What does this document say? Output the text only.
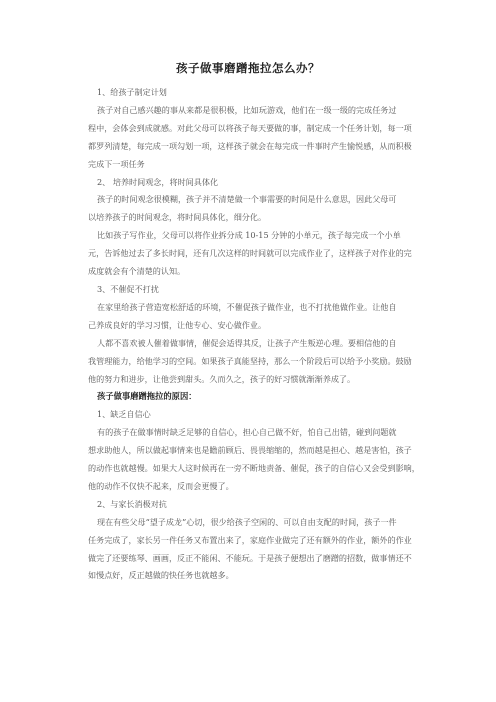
孩子做事磨蹭拖拉怎么办？
1、给孩子制定计划
孩子对自己感兴趣的事从来都是很积极，比如玩游戏，他们在一级一级的完成任务过
程中，会体会到成就感。对此父母可以将孩子每天要做的事，制定成一个任务计划，每一项
都罗列清楚，每完成一项勾划一项，这样孩子就会在每完成一件事时产生愉悦感，从而积极
完成下一项任务
2、 培养时间观念，将时间具体化
孩子的时间观念很模糊，孩子并不清楚做一个事需要的时间是什么意思，因此父母可
以培养孩子的时间观念，将时间具体化，细分化。
比如孩子写作业，父母可以将作业拆分成 10-15 分钟的小单元，孩子每完成一个小单
元，告诉他过去了多长时间，还有几次这样的时间就可以完成作业了，这样孩子对作业的完
成度就会有个清楚的认知。
3、不催促不打扰
在家里给孩子营造宽松舒适的环境，不催促孩子做作业，也不打扰他做作业。让他自
己养成良好的学习习惯，让他专心、安心做作业。
人都不喜欢被人催着做事情，催促会适得其反，让孩子产生叛逆心理。要相信他的自
我管理能力，给他学习的空间。如果孩子真能坚持，那么一个阶段后可以给予小奖励。鼓励
他的努力和进步，让他尝到甜头。久而久之，孩子的好习惯就渐渐养成了。
孩子做事磨蹭拖拉的原因：
1、缺乏自信心
有的孩子在做事情时缺乏足够的自信心，担心自己做不好，怕自己出错，碰到问题就
想求助他人，所以做起事情来也是瞻前顾后、畏畏缩缩的，然而越是担心、越是害怕，孩子
的动作也就越慢。如果大人这时候再在一旁不断地责备、催促，孩子的自信心又会受到影响，
他的动作不仅快不起来，反而会更慢了。
2、与家长消极对抗
现在有些父母“望子成龙”心切，很少给孩子空闲的、可以自由支配的时间，孩子一件
任务完成了，家长另一件任务又布置出来了，家庭作业做完了还有额外的作业，额外的作业
做完了还要练琴、画画，反正不能闲、不能玩。于是孩子便想出了磨蹭的招数，做事情还不
如慢点好，反正越做的快任务也就越多。
